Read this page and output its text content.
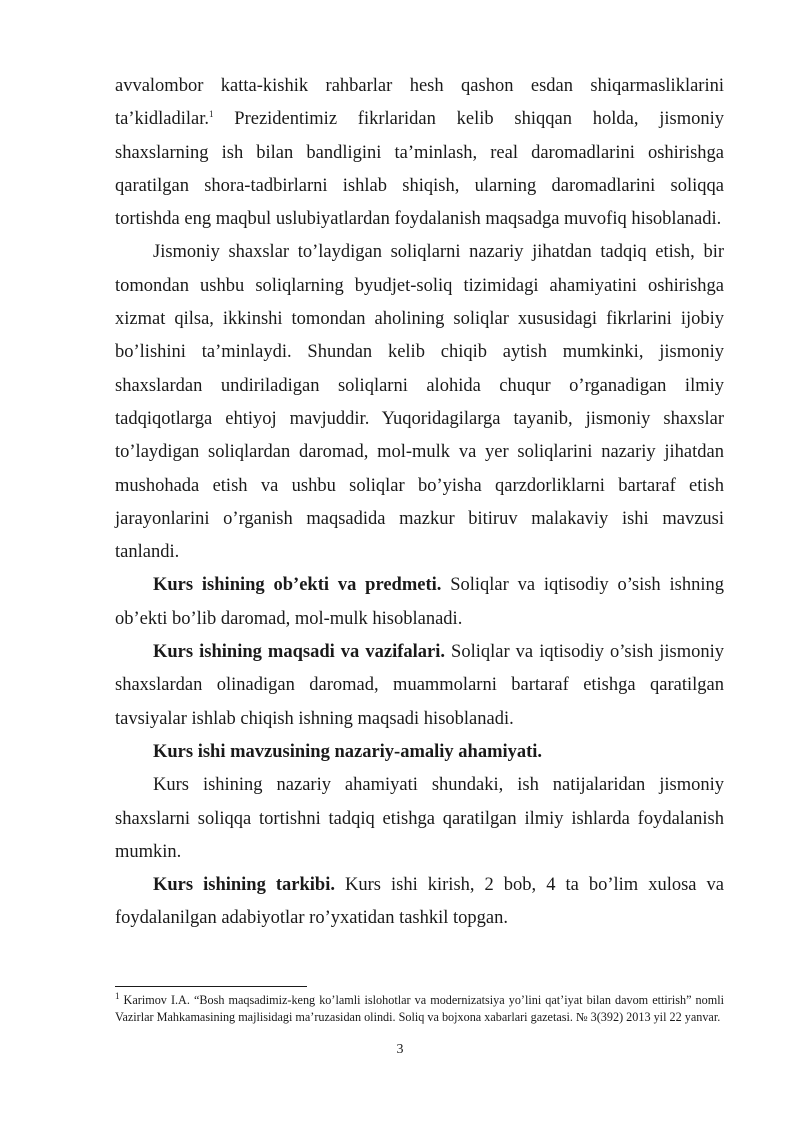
avvalombor katta-kishik rahbarlar hesh qashon esdan shiqarmasliklarini ta’kidladilar.$^1$ Prezidentimiz fikrlaridan kelib shiqqan holda, jismoniy shaxslarning ish bilan bandligini ta’minlash, real daromadlarini oshirishga qaratilgan shora-tadbirlarni ishlab shiqish, ularning daromadlarini soliqqa tortishda eng maqbul uslubiyatlardan foydalanish maqsadga muvofiq hisoblanadi.

Jismoniy shaxslar to’laydigan soliqlarni nazariy jihatdan tadqiq etish, bir tomondan ushbu soliqlarning byudjet-soliq tizimidagi ahamiyatini oshirishga xizmat qilsa, ikkinshi tomondan aholining soliqlar xususidagi fikrlarini ijobiy bo’lishini ta’minlaydi. Shundan kelib chiqib aytish mumkinki, jismoniy shaxslardan undiriladigan soliqlarni alohida chuqur o’rganadigan ilmiy tadqiqotlarga ehtiyoj mavjuddir. Yuqoridagilarga tayanib, jismoniy shaxslar to’laydigan soliqlardan daromad, mol-mulk va yer soliqlarini nazariy jihatdan mushohada etish va ushbu soliqlar bo’yisha qarzdorliklarni bartaraf etish jarayonlarini o’rganish maqsadida mazkur bitiruv malakaviy ishi mavzusi tanlandi.

Kurs ishining ob’ekti va predmeti. Soliqlar va iqtisodiy o’sish ishning ob’ekti bo’lib daromad, mol-mulk hisoblanadi.

Kurs ishining maqsadi va vazifalari. Soliqlar va iqtisodiy o’sish jismoniy shaxslardan olinadigan daromad, muammolarni bartaraf etishga qaratilgan tavsiyalar ishlab chiqish ishning maqsadi hisoblanadi.

Kurs ishi mavzusining nazariy-amaliy ahamiyati.

Kurs ishining nazariy ahamiyati shundaki, ish natijalaridan jismoniy shaxslarni soliqqa tortishni tadqiq etishga qaratilgan ilmiy ishlarda foydalanish mumkin.

Kurs ishining tarkibi. Kurs ishi kirish, 2 bob, 4 ta bo’lim xulosa va foydalanilgan adabiyotlar ro’yxatidan tashkil topgan.

$^1$ Karimov I.A. “Bosh maqsadimiz-keng ko’lamli islohotlar va modernizatsiya yo’lini qat’iyat bilan davom ettirish” nomli Vazirlar Mahkamasining majlisidagi ma’ruzasidan olindi. Soliq va bojxona xabarlari gazetasi. № 3(392) 2013 yil 22 yanvar.

3
